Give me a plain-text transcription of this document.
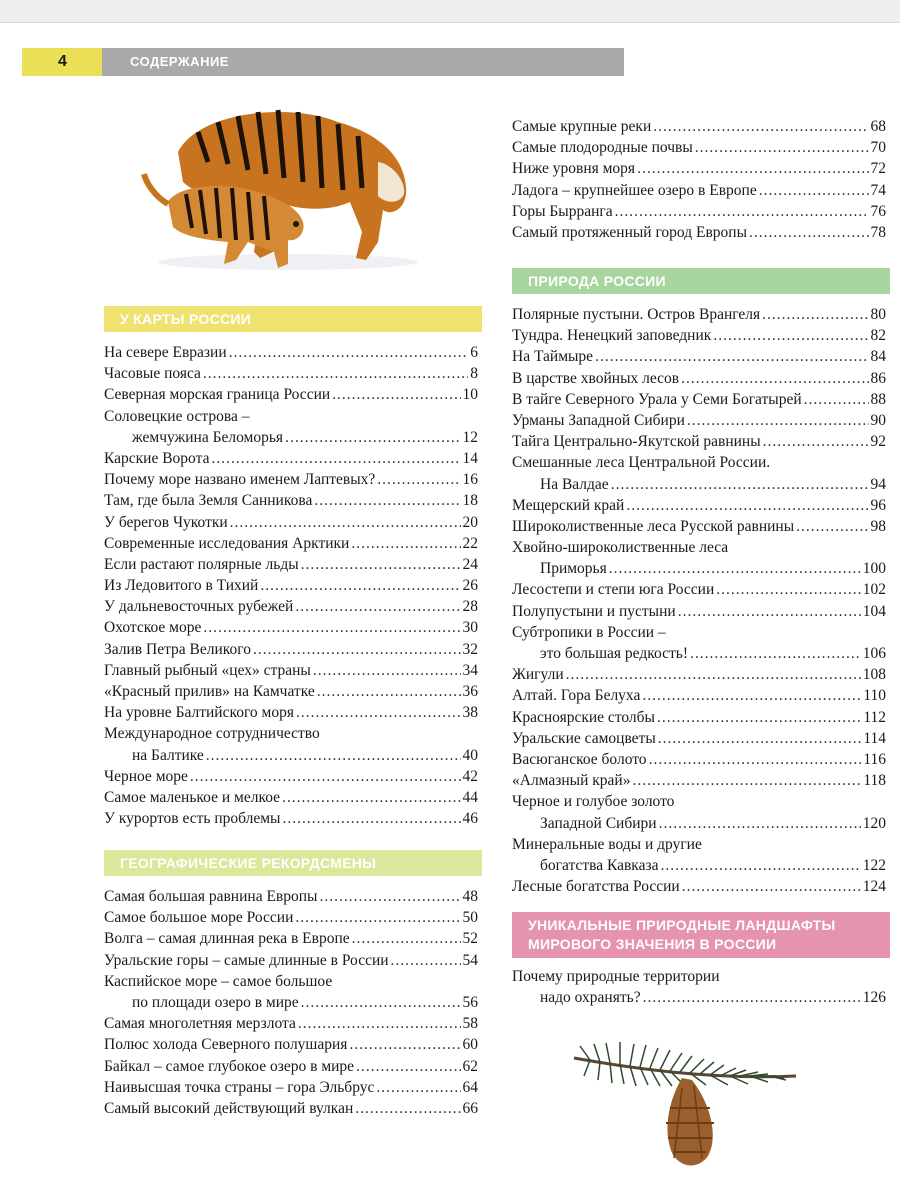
4	СОДЕРЖАНИЕ
У КАРТЫ РОССИИ
На севере Евразии .....	6
Часовые пояса .....	8
Северная морская граница России .....	10
Соловецкие острова –
жемчужина Беломорья .....	12
Карские Ворота .....	14
Почему море названо именем Лаптевых? .....	16
Там, где была Земля Санникова .....	18
У берегов Чукотки .....	20
Современные исследования Арктики .....	22
Если растают полярные льды .....	24
Из Ледовитого в Тихий .....	26
У дальневосточных рубежей .....	28
Охотское море .....	30
Залив Петра Великого .....	32
Главный рыбный «цех» страны .....	34
«Красный прилив» на Камчатке .....	36
На уровне Балтийского моря .....	38
Международное сотрудничество
на Балтике .....	40
Черное море .....	42
Самое маленькое и мелкое .....	44
У курортов есть проблемы .....	46
ГЕОГРАФИЧЕСКИЕ РЕКОРДСМЕНЫ
Самая большая равнина Европы .....	48
Самое большое море России .....	50
Волга – самая длинная река в Европе .....	52
Уральские горы – самые длинные в России .....	54
Каспийское море – самое большое
по площади озеро в мире .....	56
Самая многолетняя мерзлота .....	58
Полюс холода Северного полушария .....	60
Байкал – самое глубокое озеро в мире .....	62
Наивысшая точка страны – гора Эльбрус .....	64
Самый высокий действующий вулкан .....	66
Самые крупные реки .....	68
Самые плодородные почвы .....	70
Ниже уровня моря .....	72
Ладога – крупнейшее озеро в Европе .....	74
Горы Бырранга .....	76
Самый протяженный город Европы .....	78
ПРИРОДА РОССИИ
Полярные пустыни. Остров Врангеля .....	80
Тундра. Ненецкий заповедник .....	82
На Таймыре .....	84
В царстве хвойных лесов .....	86
В тайге Северного Урала у Семи Богатырей .....	88
Урманы Западной Сибири .....	90
Тайга Центрально-Якутской равнины .....	92
Смешанные леса Центральной России.
На Валдае .....	94
Мещерский край .....	96
Широколиственные леса Русской равнины .....	98
Хвойно-широколиственные леса
Приморья .....	100
Лесостепи и степи юга России .....	102
Полупустыни и пустыни .....	104
Субтропики в России –
это большая редкость! .....	106
Жигули .....	108
Алтай. Гора Белуха .....	110
Красноярские столбы .....	112
Уральские самоцветы .....	114
Васюганское болото .....	116
«Алмазный край» .....	118
Черное и голубое золото
Западной Сибири .....	120
Минеральные воды и другие
богатства Кавказа .....	122
Лесные богатства России .....	124
УНИКАЛЬНЫЕ ПРИРОДНЫЕ ЛАНДШАФТЫ
МИРОВОГО ЗНАЧЕНИЯ В РОССИИ
Почему природные территории
надо охранять? .....	126
